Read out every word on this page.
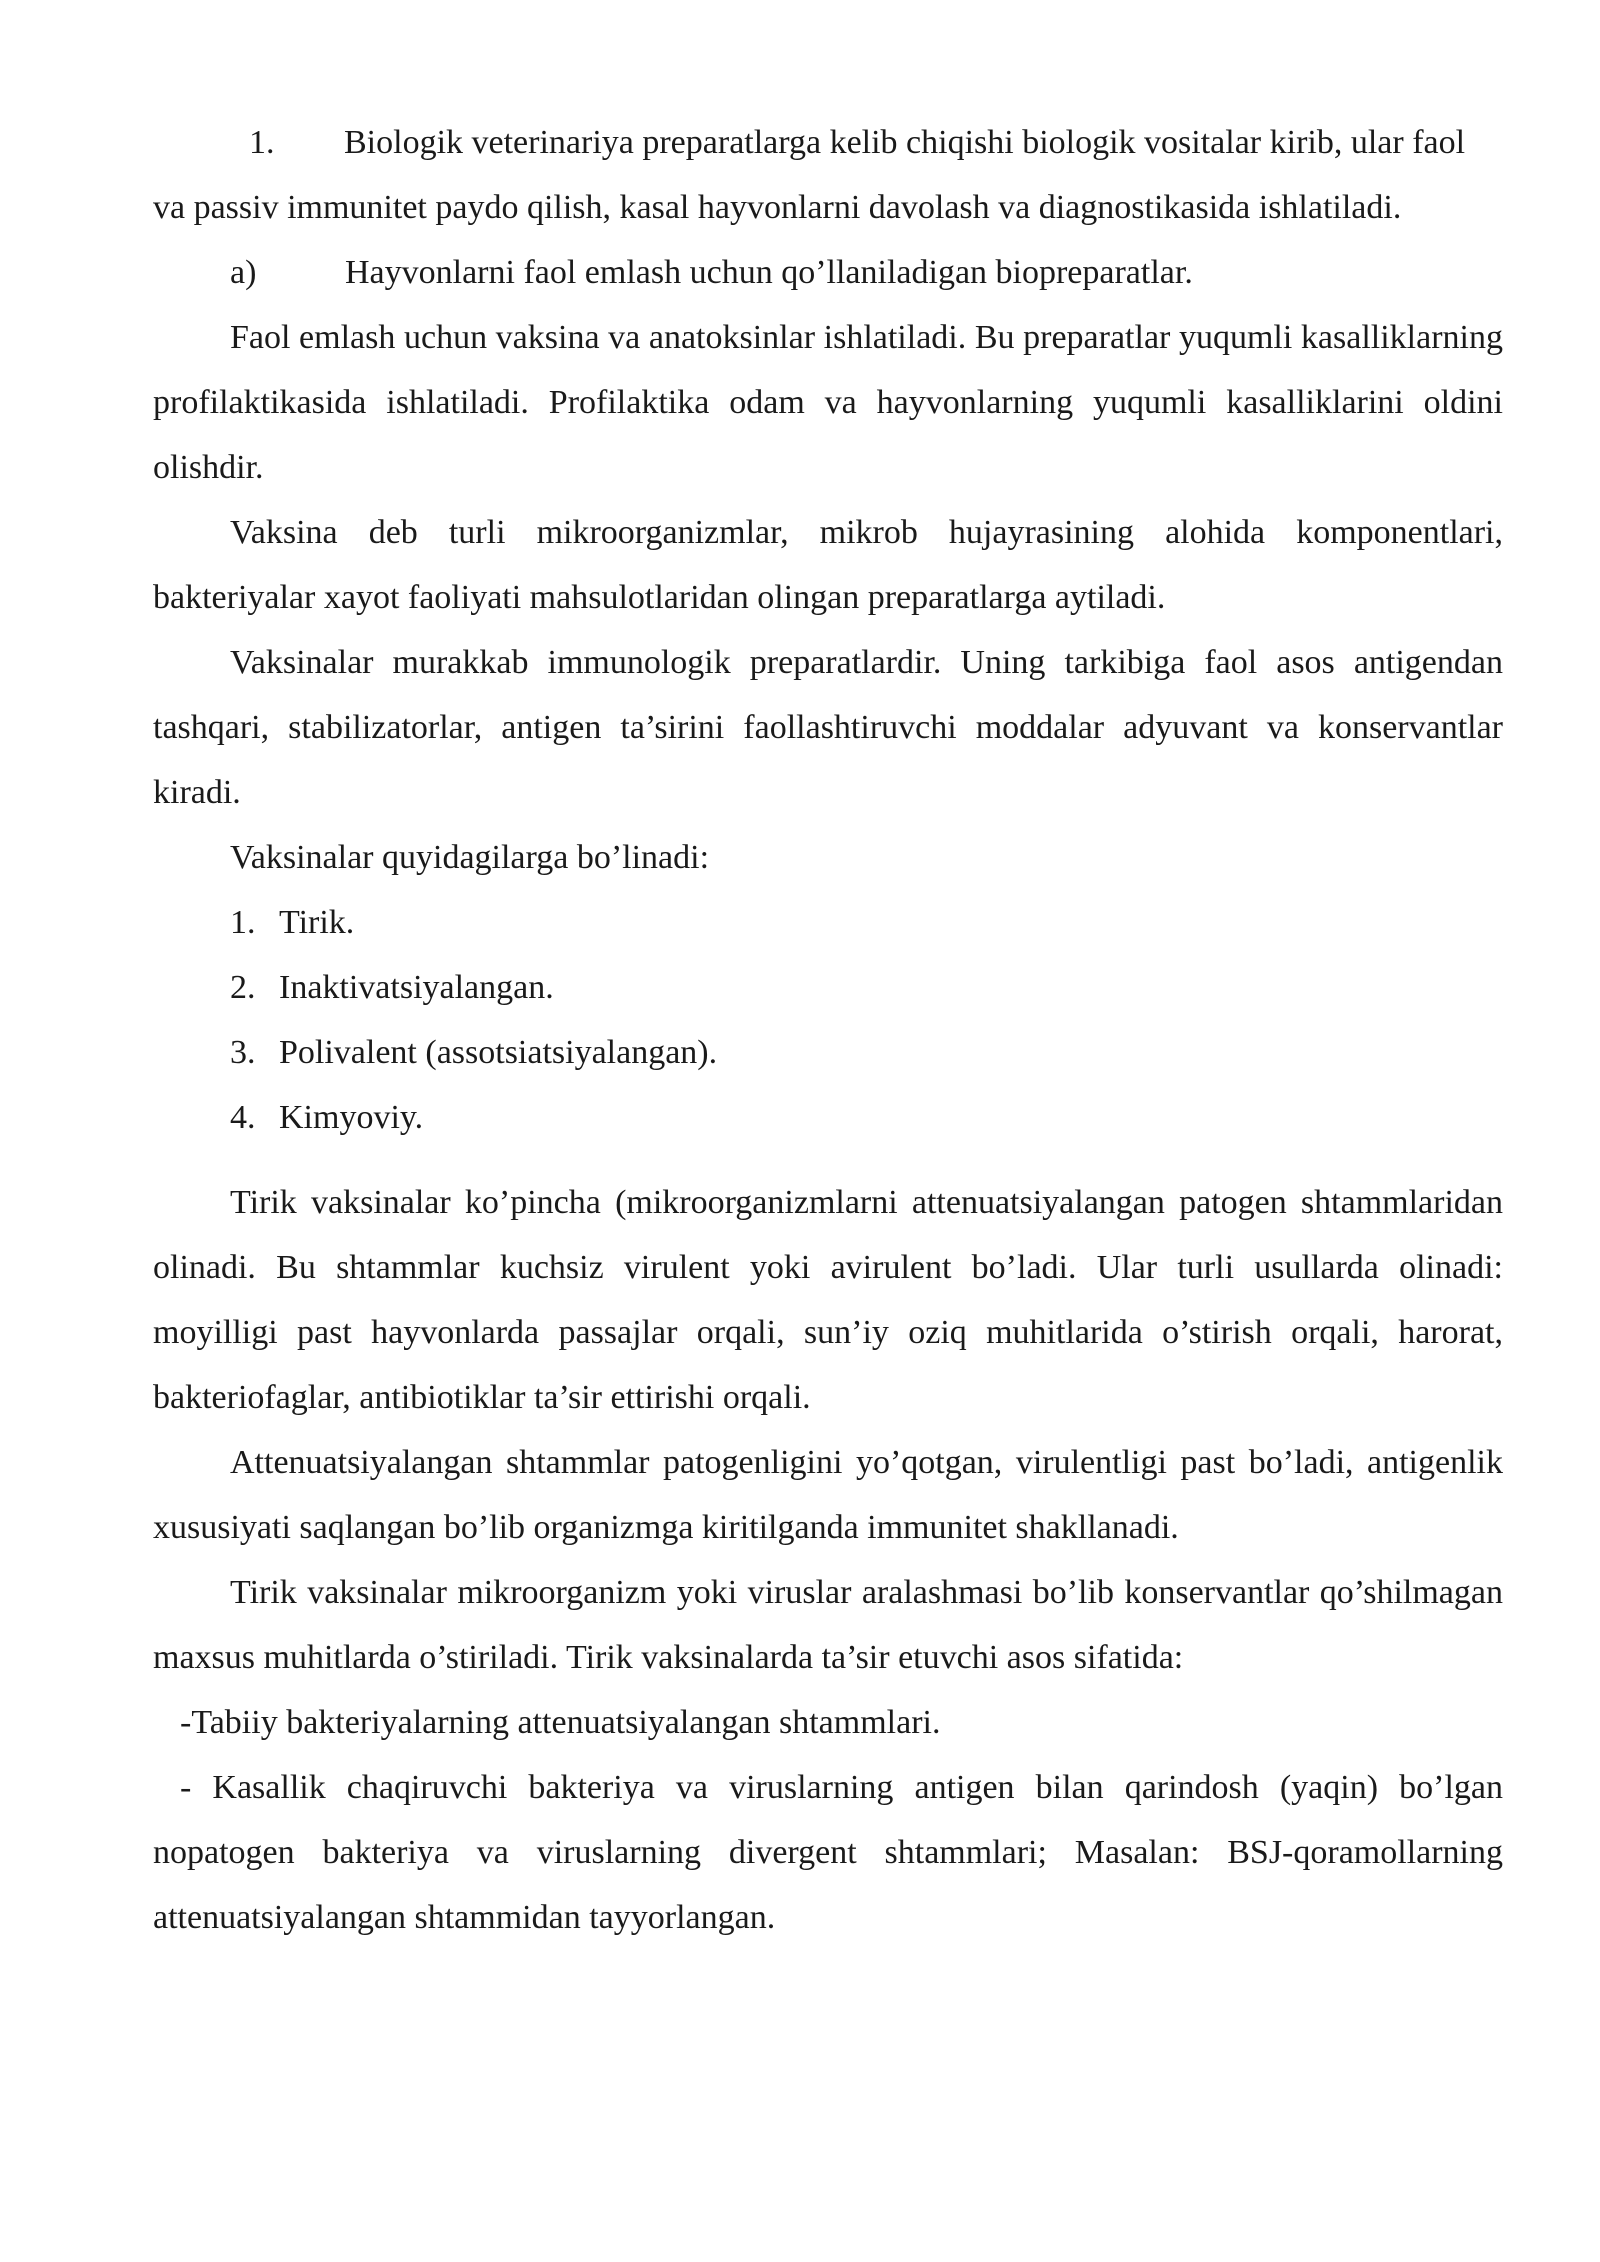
1. Biologik veterinariya preparatlarga kelib chiqishi biologik vositalar kirib, ular faol va passiv immunitet paydo qilish, kasal hayvonlarni davolash va diagnostikasida ishlatiladi.
a)	Hayvonlarni faol emlash uchun qo’llaniladigan biopreparatlar.

Faol emlash uchun vaksina va anatoksinlar ishlatiladi. Bu preparatlar yuqumli kasalliklarning profilaktikasida ishlatiladi. Profilaktika odam va hayvonlarning yuqumli kasalliklarini oldini olishdir.

Vaksina deb turli mikroorganizmlar, mikrob hujayrasining alohida komponentlari, bakteriyalar xayot faoliyati mahsulotlaridan olingan preparatlarga aytiladi.

Vaksinalar murakkab immunologik preparatlardir. Uning tarkibiga faol asos antigendan tashqari, stabilizatorlar, antigen ta’sirini faollashtiruvchi moddalar adyuvant va konservantlar kiradi.

Vaksinalar quyidagilarga bo’linadi:

1. Tirik.
2. Inaktivatsiyalangan.
3. Polivalent (assotsiatsiyalangan).
4. Kimyoviy.

Tirik vaksinalar ko’pincha (mikroorganizmlarni attenuatsiyalangan patogen shtammlaridan olinadi. Bu shtammlar kuchsiz virulent yoki avirulent bo’ladi. Ular turli usullarda olinadi: moyilligi past hayvonlarda passajlar orqali, sun’iy oziq muhitlarida o’stirish orqali, harorat, bakteriofaglar, antibiotiklar ta’sir ettirishi orqali.

Attenuatsiyalangan shtammlar patogenligini yo’qotgan, virulentligi past bo’ladi, antigenlik xususiyati saqlangan bo’lib organizmga kiritilganda immunitet shakllanadi.

Tirik vaksinalar mikroorganizm yoki viruslar aralashmasi bo’lib konservantlar qo’shilmagan maxsus muhitlarda o’stiriladi. Tirik vaksinalarda ta’sir etuvchi asos sifatida:

-Tabiiy bakteriyalarning attenuatsiyalangan shtammlari.

- Kasallik chaqiruvchi bakteriya va viruslarning antigen bilan qarindosh (yaqin) bo’lgan nopatogen bakteriya va viruslarning divergent shtammlari; Masalan: BSJ-qoramollarning attenuatsiyalangan shtammidan tayyorlangan.
